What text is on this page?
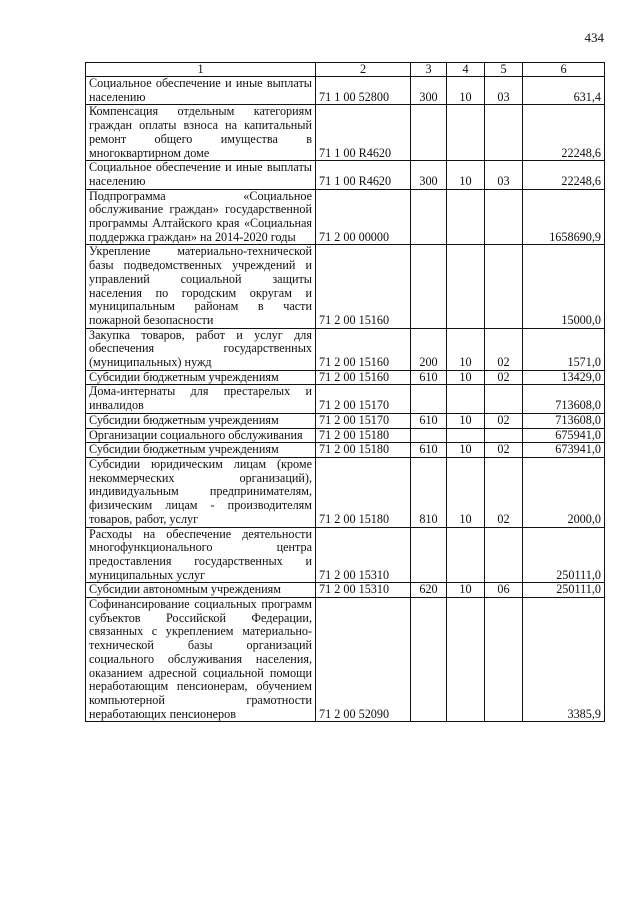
434
1	2	3	4	5	6
Социальное обеспечение и иные выплаты населению	71 1 00 52800	300	10	03	631,4
Компенсация отдельным категориям граждан оплаты взноса на капитальный ремонт общего имущества в многоквартирном доме	71 1 00 R4620				22248,6
Социальное обеспечение и иные выплаты населению	71 1 00 R4620	300	10	03	22248,6
Подпрограмма «Социальное обслуживание граждан» государственной программы Алтайского края «Социальная поддержка граждан» на 2014-2020 годы	71 2 00 00000				1658690,9
Укрепление материально-технической базы подведомственных учреждений и управлений социальной защиты населения по городским округам и муниципальным районам в части пожарной безопасности	71 2 00 15160				15000,0
Закупка товаров, работ и услуг для обеспечения государственных (муниципальных) нужд	71 2 00 15160	200	10	02	1571,0
Субсидии бюджетным учреждениям	71 2 00 15160	610	10	02	13429,0
Дома-интернаты для престарелых и инвалидов	71 2 00 15170				713608,0
Субсидии бюджетным учреждениям	71 2 00 15170	610	10	02	713608,0
Организации социального обслуживания	71 2 00 15180				675941,0
Субсидии бюджетным учреждениям	71 2 00 15180	610	10	02	673941,0
Субсидии юридическим лицам (кроме некоммерческих организаций), индивидуальным предпринимателям, физическим лицам - производителям товаров, работ, услуг	71 2 00 15180	810	10	02	2000,0
Расходы на обеспечение деятельности многофункционального центра предоставления государственных и муниципальных услуг	71 2 00 15310				250111,0
Субсидии автономным учреждениям	71 2 00 15310	620	10	06	250111,0
Софинансирование социальных программ субъектов Российской Федерации, связанных с укреплением материально-технической базы организаций социального обслуживания населения, оказанием адресной социальной помощи неработающим пенсионерам, обучением компьютерной грамотности неработающих пенсионеров	71 2 00 52090				3385,9
